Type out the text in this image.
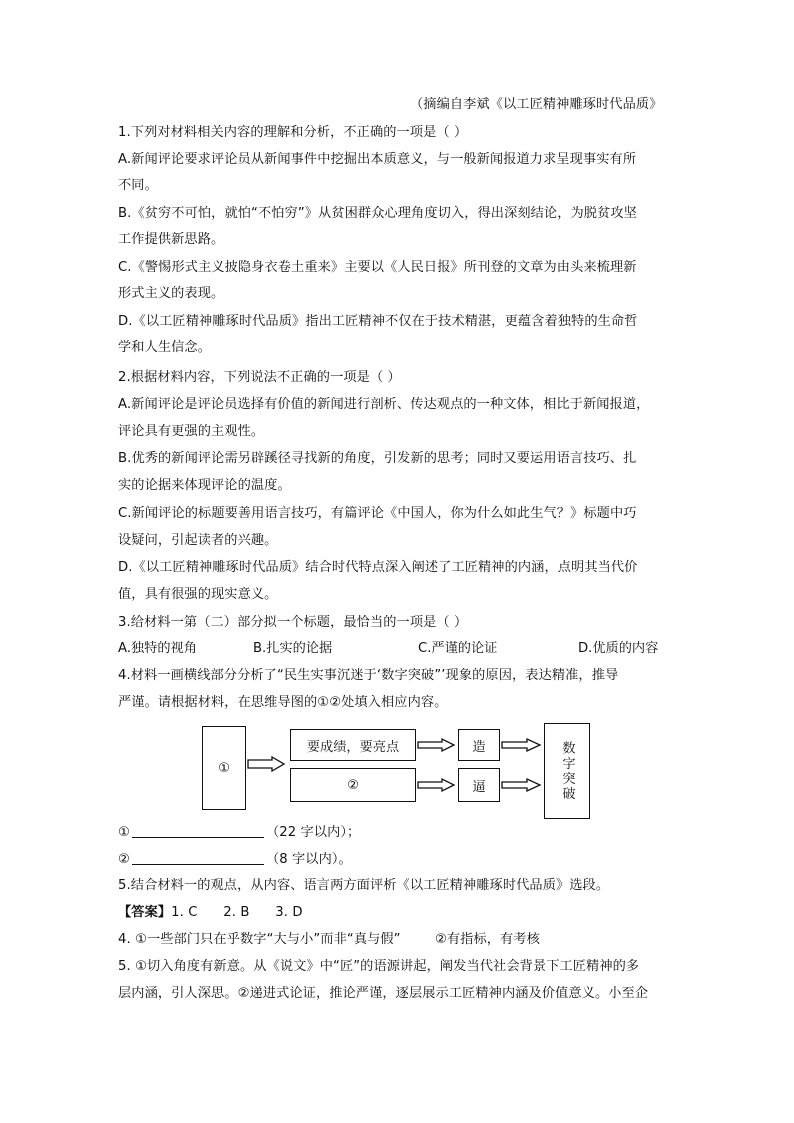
（摘编自李斌《以工匠精神雕琢时代品质》
1.下列对材料相关内容的理解和分析，不正确的一项是（ ）
A.新闻评论要求评论员从新闻事件中挖掘出本质意义，与一般新闻报道力求呈现事实有所
不同。
B.《贫穷不可怕，就怕“不怕穷”》从贫困群众心理角度切入，得出深刻结论，为脱贫攻坚
工作提供新思路。
C.《警惕形式主义披隐身衣卷土重来》主要以《人民日报》所刊登的文章为由头来梳理新
形式主义的表现。
D.《以工匠精神雕琢时代品质》指出工匠精神不仅在于技术精湛，更蕴含着独特的生命哲
学和人生信念。
2.根据材料内容，下列说法不正确的一项是（ ）
A.新闻评论是评论员选择有价值的新闻进行剖析、传达观点的一种文体，相比于新闻报道，
评论具有更强的主观性。
B.优秀的新闻评论需另辟蹊径寻找新的角度，引发新的思考；同时又要运用语言技巧、扎
实的论据来体现评论的温度。
C.新闻评论的标题要善用语言技巧，有篇评论《中国人，你为什么如此生气？》标题中巧
设疑问，引起读者的兴趣。
D.《以工匠精神雕琢时代品质》结合时代特点深入阐述了工匠精神的内涵，点明其当代价
值，具有很强的现实意义。
3.给材料一第（二）部分拟一个标题，最恰当的一项是（ ）
A.独特的视角	B.扎实的论据	C.严谨的论证	D.优质的内容
4.材料一画横线部分分析了“民生实事沉迷于‘数字突破”’现象的原因，表达精准，推导
严谨。请根据材料，在思维导图的①②处填入相应内容。
①
要成绩，要亮点
②
造
逼	数字突破
①	（22 字以内）；
②	（8 字以内）。
5.结合材料一的观点，从内容、语言两方面评析《以工匠精神雕琢时代品质》选段。
【答案】1. C      2. B      3. D
4. ①一些部门只在乎数字“大与小”而非“真与假”        ②有指标，有考核
5. ①切入角度有新意。从《说文》中“匠”的语源讲起，阐发当代社会背景下工匠精神的多
层内涵，引人深思。②递进式论证，推论严谨，逐层展示工匠精神内涵及价值意义。小至企
